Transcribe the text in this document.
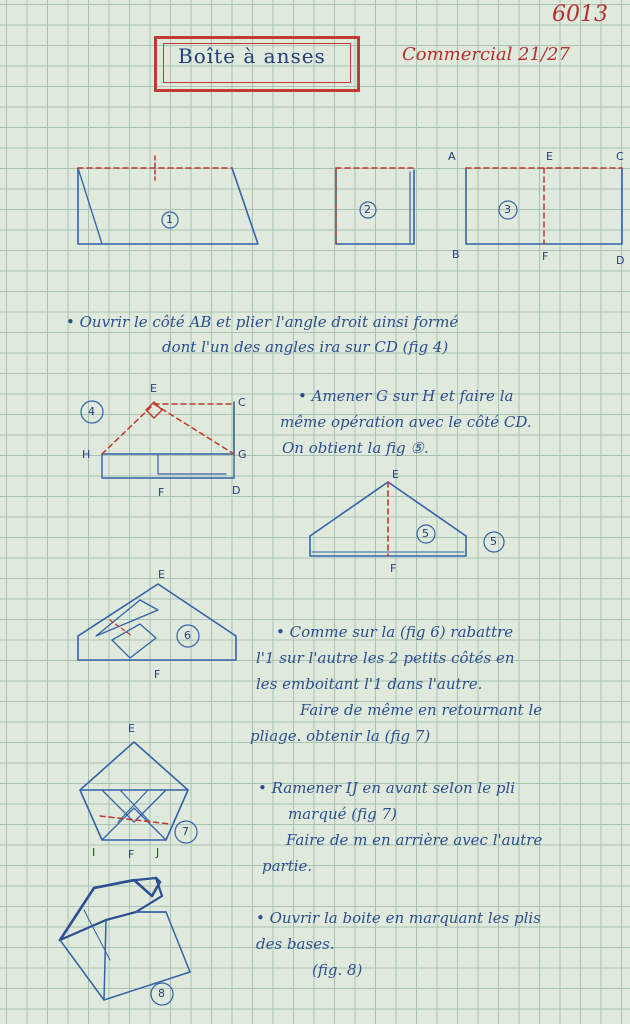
6013
Boîte à anses	Commercial 21/27
1
2	3
4
5
5
6
7
8
A	E	C
B	F	D
E
C
H	G
F	D
E
F
E
F
E
I	F J
• Ouvrir le côté AB et plier l'angle droit ainsi formé
dont l'un des angles ira sur CD (fig 4)
• Amener G sur H et faire la
même opération avec le côté CD.
On obtient la fig ⑤.
• Comme sur la (fig 6) rabattre
l'1 sur l'autre les 2 petits côtés en
les emboitant l'1 dans l'autre.
Faire de même en retournant le
pliage. obtenir la (fig 7)
• Ramener IJ en avant selon le pli
marqué (fig 7)
Faire de m en arrière avec l'autre
partie.
• Ouvrir la boite en marquant les plis
des bases.
(fig. 8)
